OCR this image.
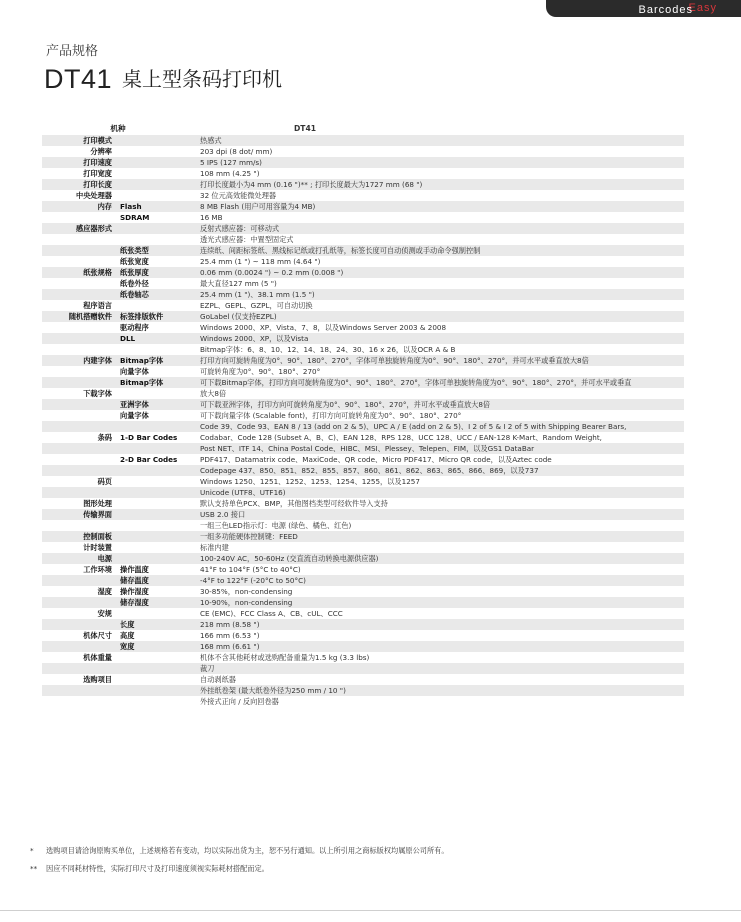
Barcodes Made
Easy
产品规格
DT41 桌上型条码打印机
机种		DT41
打印模式		热感式
分辨率		203 dpi (8 dot/ mm)
打印速度		5 IPS (127 mm/s)
打印宽度		108 mm (4.25 ")
打印长度		打印长度最小为4 mm (0.16 ")** ; 打印长度最大为1727 mm (68 ")
中央处理器		32 位元高效能微处理器
内存	Flash	8 MB Flash (用户可用容量为4 MB)
	SDRAM	16 MB
感应器形式		反射式感应器：可移动式
		透光式感应器：中置型固定式
	纸张类型	连续纸、间距标签纸、黑线标记纸或打孔纸等，标签长度可自动侦测或手动命令强制控制
	纸张宽度	25.4 mm (1 ") ~ 118 mm (4.64 ")
纸张规格	纸张厚度	0.06 mm (0.0024 ") ~ 0.2 mm (0.008 ")
	纸卷外径	最大直径127 mm (5 ")
	纸卷轴芯	25.4 mm (1 ")、38.1 mm (1.5 ")
程序语言		EZPL、GEPL、GZPL，可自动切换
随机搭赠软件	标签排版软件	GoLabel (仅支持EZPL)
	驱动程序	Windows 2000、XP、Vista、7、8，以及Windows Server 2003 & 2008
	DLL	Windows 2000、XP，以及Vista
		Bitmap字体：6、8、10、12、14、18、24、30、16 x 26，以及OCR A & B
内建字体	Bitmap字体	打印方向可旋转角度为0°、90°、180°、270°，字体可单独旋转角度为0°、90°、180°、270°，并可水平或垂直放大8倍
	向量字体	可旋转角度为0°、90°、180°、270°
	Bitmap字体	可下载Bitmap字体，打印方向可旋转角度为0°、90°、180°、270°，字体可单独旋转角度为0°、90°、180°、270°，并可水平或垂直
下载字体		放大8倍
	亚洲字体	可下载亚洲字体，打印方向可旋转角度为0°、90°、180°、270°，并可水平或垂直放大8倍
	向量字体	可下载向量字体 (Scalable font)，打印方向可旋转角度为0°、90°、180°、270°
		Code 39、Code 93、EAN 8 / 13 (add on 2 & 5)、UPC A / E (add on 2 & 5)、I 2 of 5 & I 2 of 5 with Shipping Bearer Bars,
条码	1-D Bar Codes	Codabar、Code 128 (Subset A、B、C)、EAN 128、RPS 128、UCC 128、UCC / EAN-128 K-Mart、Random Weight,
		Post NET、ITF 14、China Postal Code、HIBC、MSI、Plessey、Telepen、FIM，以及GS1 DataBar
	2-D Bar Codes	PDF417、Datamatrix code、MaxiCode、QR code、Micro PDF417、Micro QR code，以及Aztec code
		Codepage 437、850、851、852、855、857、860、861、862、863、865、866、869，以及737
码页		Windows 1250、1251、1252、1253、1254、1255，以及1257
		Unicode (UTF8、UTF16)
图形处理		默认支持单色PCX、BMP，其他图档类型可经软件导入支持
传输界面		USB 2.0 接口
		一组三色LED指示灯：电源 (绿色、橘色、红色)
控制面板		一组多功能硬体控制键：FEED
计时装置		标准内建
电源		100-240V AC，50-60Hz (交直流自动转换电源供应器)
工作环境	操作温度	41°F to 104°F (5°C to 40°C)
	储存温度	-4°F to 122°F (-20°C to 50°C)
湿度	操作湿度	30-85%，non-condensing
	储存湿度	10-90%，non-condensing
安规		CE (EMC)、FCC Class A、CB、cUL、CCC
	长度	218 mm (8.58 ")
机体尺寸	高度	166 mm (6.53 ")
	宽度	168 mm (6.61 ")
机体重量		机体不含其他耗材或选购配备重量为1.5 kg (3.3 lbs)
		裁刀
选购项目		自动剥纸器
		外挂纸卷架 (最大纸卷外径为250 mm / 10 ")
		外接式正向 / 反向回卷器
* 选购项目请洽询原购买单位，上述规格若有变动，均以实际出货为主，恕不另行通知。以上所引用之商标版权均属原公司所有。
** 因应不同耗材特性，实际打印尺寸及打印速度须视实际耗材搭配而定。
